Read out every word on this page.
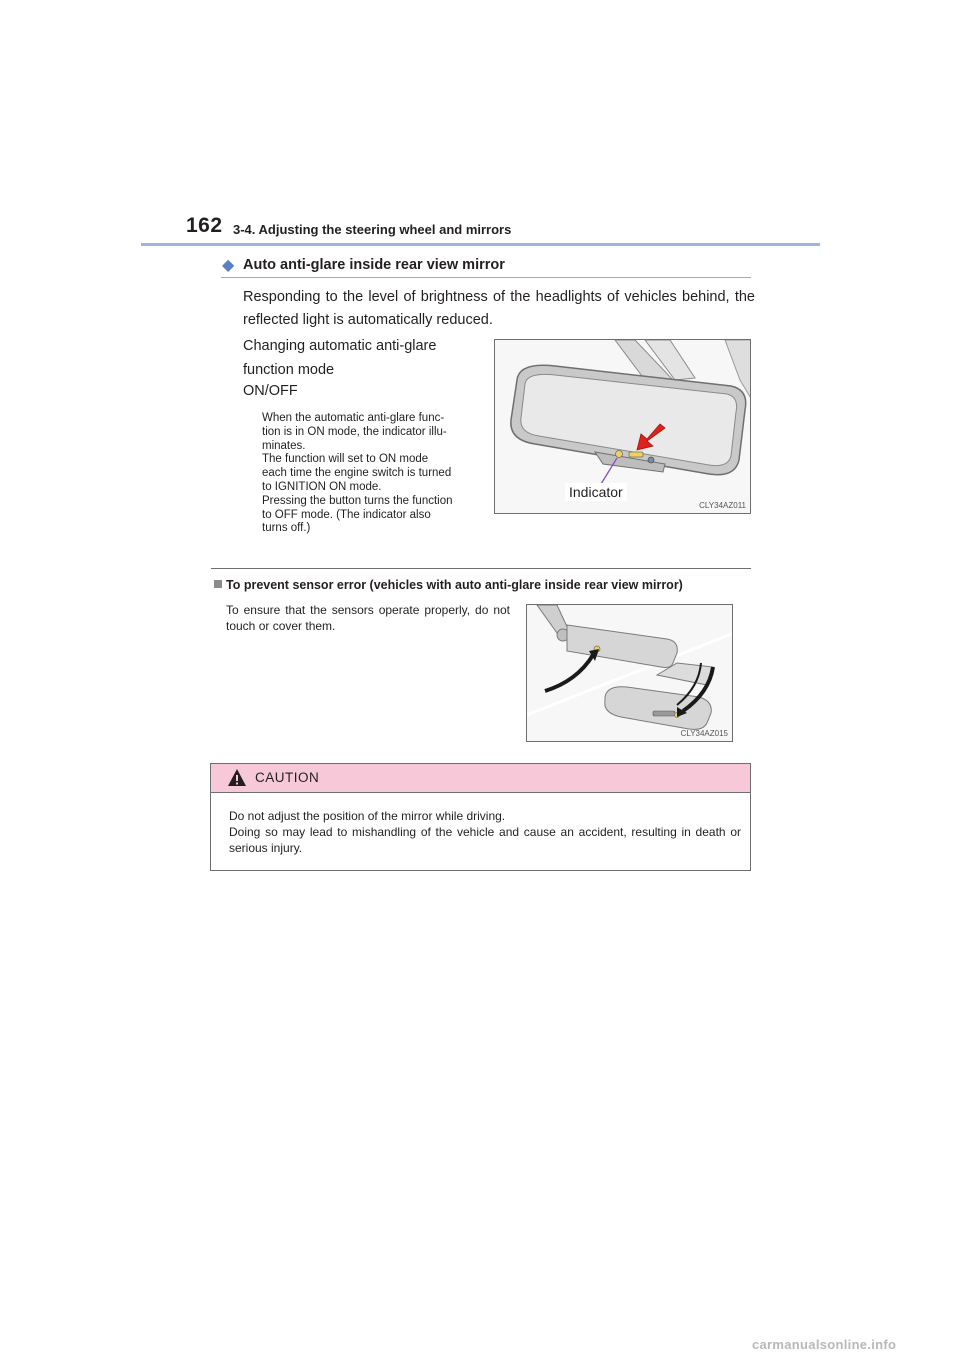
162 3-4. Adjusting the steering wheel and mirrors
◆ Auto anti-glare inside rear view mirror
Responding to the level of brightness of the headlights of vehicles behind, the reflected light is automatically reduced.
Changing automatic anti-glare function mode
ON/OFF
When the automatic anti-glare func-
tion is in ON mode, the indicator illu-
minates.
The function will set to ON mode
each time the engine switch is turned
to IGNITION ON mode.
Pressing the button turns the function
to OFF mode. (The indicator also
turns off.)
Indicator
CLY34AZ011
To prevent sensor error (vehicles with auto anti-glare inside rear view mirror)
To ensure that the sensors operate properly, do not touch or cover them.
CLY34AZ015
CAUTION
Do not adjust the position of the mirror while driving.
Doing so may lead to mishandling of the vehicle and cause an accident, resulting in death or serious injury.
carmanualsonline.info
